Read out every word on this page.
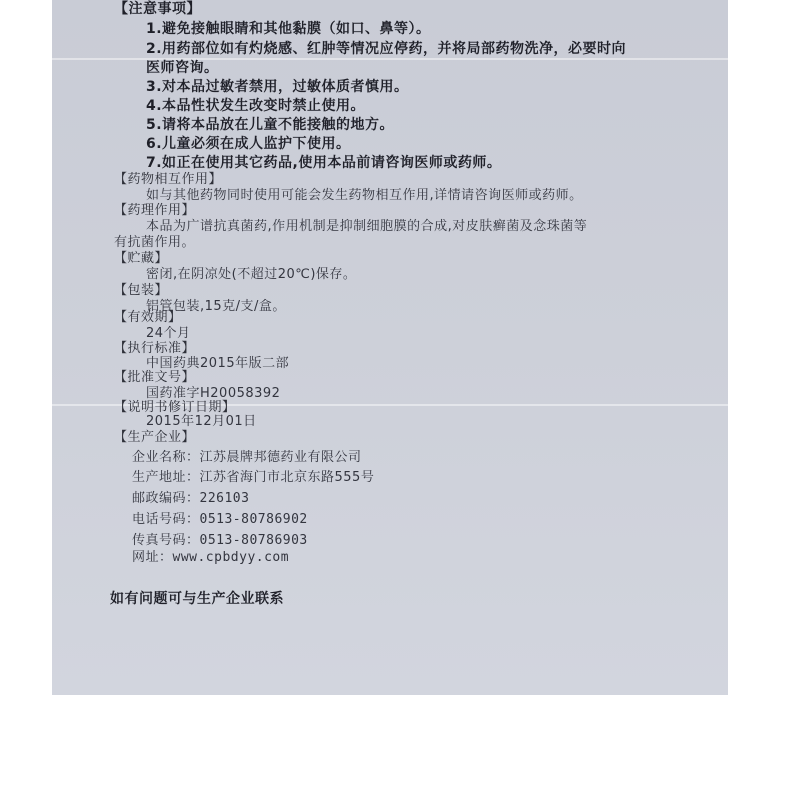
【注意事项】
1.避免接触眼睛和其他黏膜（如口、鼻等）。
2.用药部位如有灼烧感、红肿等情况应停药，并将局部药物洗净，必要时向
医师咨询。
3.对本品过敏者禁用，过敏体质者慎用。
4.本品性状发生改变时禁止使用。
5.请将本品放在儿童不能接触的地方。
6.儿童必须在成人监护下使用。
7.如正在使用其它药品,使用本品前请咨询医师或药师。
【药物相互作用】
如与其他药物同时使用可能会发生药物相互作用,详情请咨询医师或药师。
【药理作用】
本品为广谱抗真菌药,作用机制是抑制细胞膜的合成,对皮肤癣菌及念珠菌等
有抗菌作用。
【贮藏】
密闭,在阴凉处(不超过20℃)保存。
【包装】
铝管包装,15克/支/盒。
【有效期】
24个月
【执行标准】
中国药典2015年版二部
【批准文号】
国药准字H20058392
【说明书修订日期】
2015年12月01日
【生产企业】
企业名称：江苏晨牌邦德药业有限公司
生产地址：江苏省海门市北京东路555号
邮政编码：226103
电话号码：0513-80786902
传真号码：0513-80786903
网址：www.cpbdyy.com
如有问题可与生产企业联系
